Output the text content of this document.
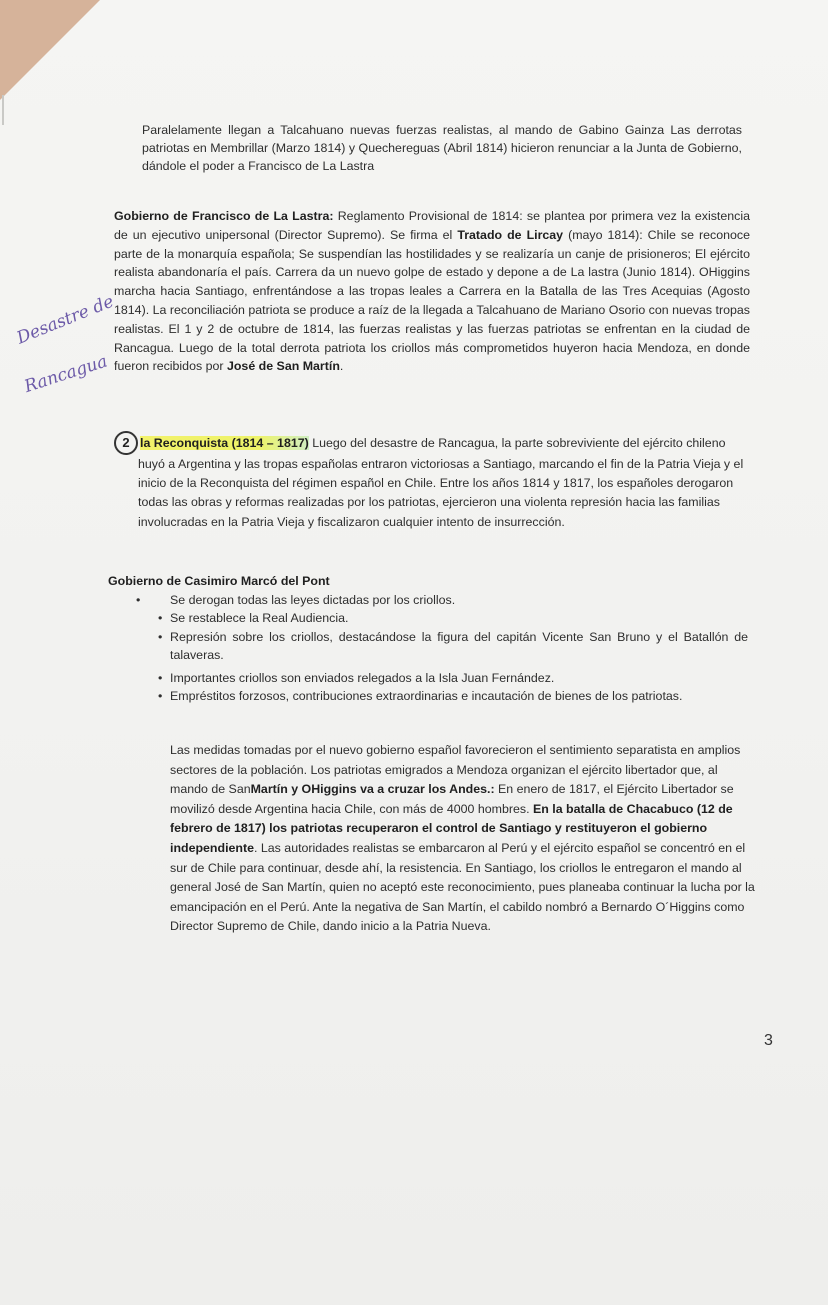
Paralelamente llegan a Talcahuano nuevas fuerzas realistas, al mando de Gabino Gainza Las derrotas patriotas en Membrillar (Marzo 1814) y Quechereguas (Abril 1814) hicieron renunciar a la Junta de Gobierno, dándole el poder a Francisco de La Lastra

Gobierno de Francisco de La Lastra: Reglamento Provisional de 1814: se plantea por primera vez la existencia de un ejecutivo unipersonal (Director Supremo). Se firma el Tratado de Lircay (mayo 1814): Chile se reconoce parte de la monarquía española; Se suspendían las hostilidades y se realizaría un canje de prisioneros; El ejército realista abandonaría el país. Carrera da un nuevo golpe de estado y depone a de La lastra (Junio 1814). OHiggins marcha hacia Santiago, enfrentándose a las tropas leales a Carrera en la Batalla de las Tres Acequias (Agosto 1814). La reconciliación patriota se produce a raíz de la llegada a Talcahuano de Mariano Osorio con nuevas tropas realistas. El 1 y 2 de octubre de 1814, las fuerzas realistas y las fuerzas patriotas se enfrentan en la ciudad de Rancagua. Luego de la total derrota patriota los criollos más comprometidos huyeron hacia Mendoza, en donde fueron recibidos por José de San Martín.

Desastre de
Rancagua

2 la Reconquista (1814 – 1817) Luego del desastre de Rancagua, la parte sobreviviente del ejército chileno huyó a Argentina y las tropas españolas entraron victoriosas a Santiago, marcando el fin de la Patria Vieja y el inicio de la Reconquista del régimen español en Chile. Entre los años 1814 y 1817, los españoles derogaron todas las obras y reformas realizadas por los patriotas, ejercieron una violenta represión hacia las familias involucradas en la Patria Vieja y fiscalizaron cualquier intento de insurrección.

Gobierno de Casimiro Marcó del Pont

• Se derogan todas las leyes dictadas por los criollos.
• Se restablece la Real Audiencia.
• Represión sobre los criollos, destacándose la figura del capitán Vicente San Bruno y el Batallón de talaveras.
• Importantes criollos son enviados relegados a la Isla Juan Fernández.
• Empréstitos forzosos, contribuciones extraordinarias e incautación de bienes de los patriotas.

Las medidas tomadas por el nuevo gobierno español favorecieron el sentimiento separatista en amplios sectores de la población. Los patriotas emigrados a Mendoza organizan el ejército libertador que, al mando de SanMartín y OHiggins va a cruzar los Andes.: En enero de 1817, el Ejército Libertador se movilizó desde Argentina hacia Chile, con más de 4000 hombres. En la batalla de Chacabuco (12 de febrero de 1817) los patriotas recuperaron el control de Santiago y restituyeron el gobierno independiente. Las autoridades realistas se embarcaron al Perú y el ejército español se concentró en el sur de Chile para continuar, desde ahí, la resistencia. En Santiago, los criollos le entregaron el mando al general José de San Martín, quien no aceptó este reconocimiento, pues planeaba continuar la lucha por la emancipación en el Perú. Ante la negativa de San Martín, el cabildo nombró a Bernardo O´Higgins como Director Supremo de Chile, dando inicio a la Patria Nueva.

3
